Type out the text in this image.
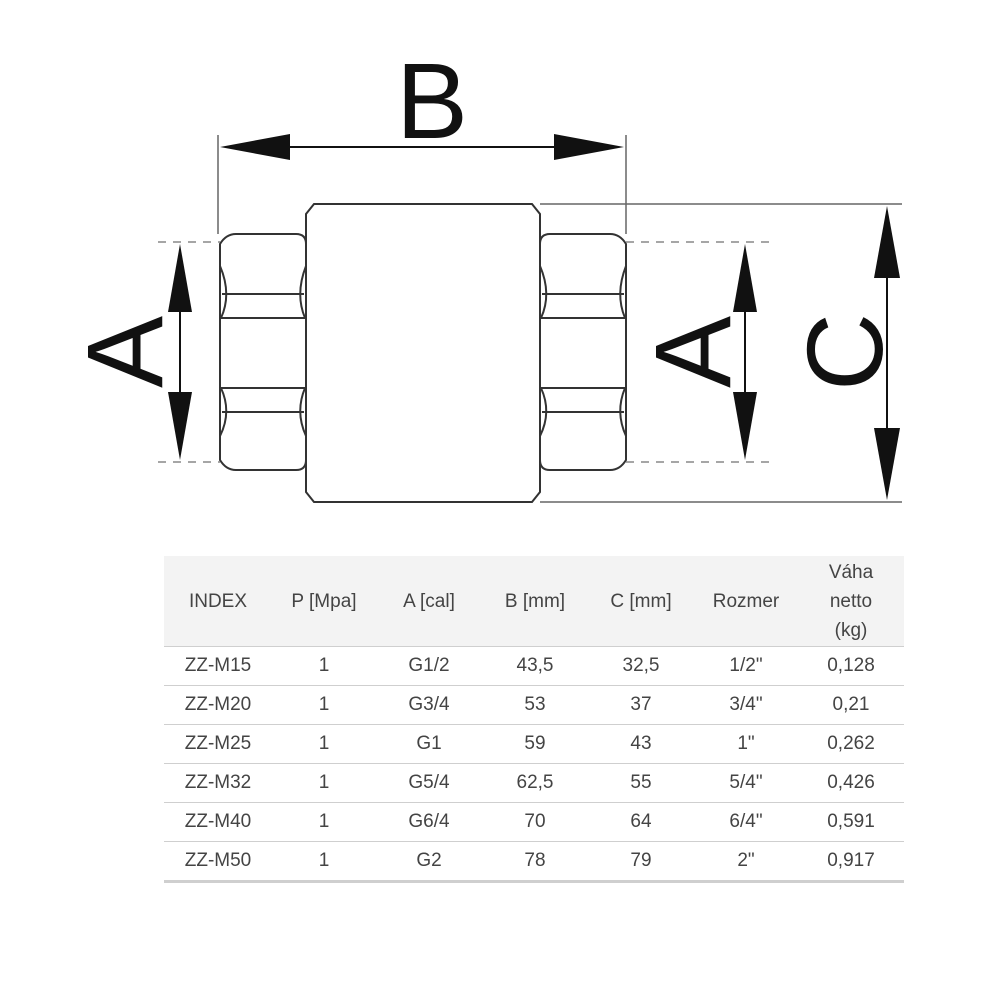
B
A	A C
INDEX	P [Mpa]	A [cal]	B [mm]	C [mm]	Rozmer	Váha
netto
(kg)
ZZ-M15	1	G1/2	43,5	32,5	1/2"	0,128
ZZ-M20	1	G3/4	53	37	3/4"	0,21
ZZ-M25	1	G1	59	43	1"	0,262
ZZ-M32	1	G5/4	62,5	55	5/4"	0,426
ZZ-M40	1	G6/4	70	64	6/4"	0,591
ZZ-M50	1	G2	78	79	2"	0,917
